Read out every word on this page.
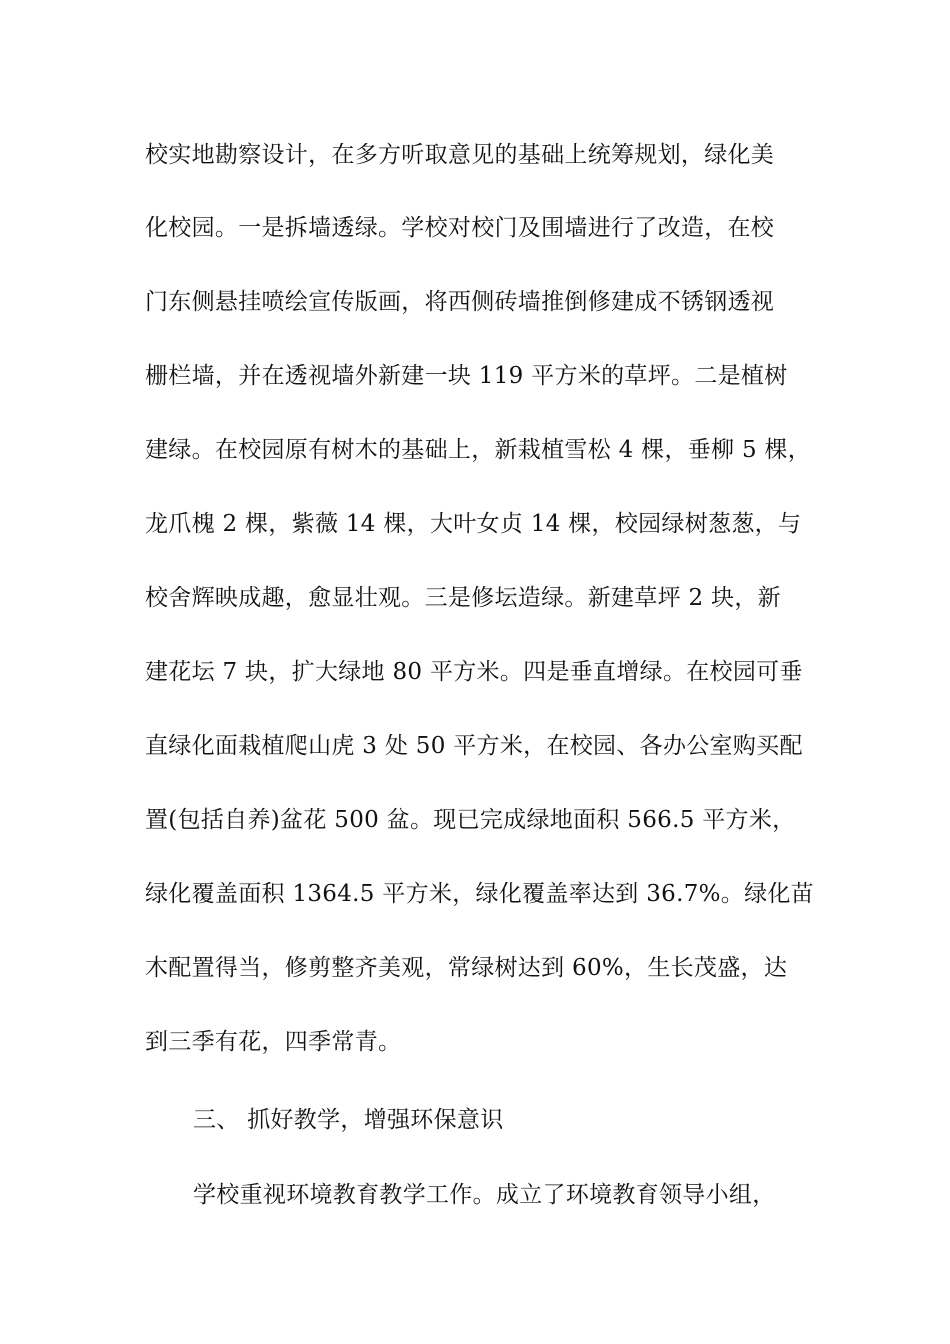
校实地勘察设计，在多方听取意见的基础上统筹规划，绿化美
化校园。一是拆墙透绿。学校对校门及围墙进行了改造，在校
门东侧悬挂喷绘宣传版画，将西侧砖墙推倒修建成不锈钢透视
栅栏墙，并在透视墙外新建一块 119 平方米的草坪。二是植树
建绿。在校园原有树木的基础上，新栽植雪松 4 棵，垂柳 5 棵，
龙爪槐 2 棵，紫薇 14 棵，大叶女贞 14 棵，校园绿树葱葱，与
校舍辉映成趣，愈显壮观。三是修坛造绿。新建草坪 2 块，新
建花坛 7 块，扩大绿地 80 平方米。四是垂直增绿。在校园可垂
直绿化面栽植爬山虎 3 处 50 平方米，在校园、各办公室购买配
置(包括自养)盆花 500 盆。现已完成绿地面积 566.5 平方米，
绿化覆盖面积 1364.5 平方米，绿化覆盖率达到 36.7%。绿化苗
木配置得当，修剪整齐美观，常绿树达到 60%，生长茂盛，达
到三季有花，四季常青。
三、 抓好教学，增强环保意识
学校重视环境教育教学工作。成立了环境教育领导小组，
